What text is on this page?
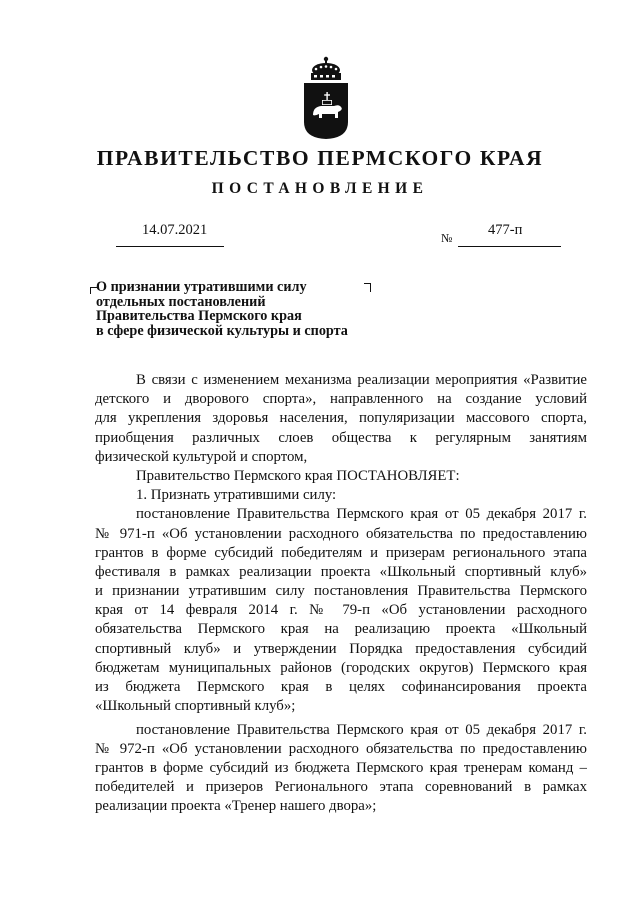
ПРАВИТЕЛЬСТВО ПЕРМСКОГО КРАЯ
ПОСТАНОВЛЕНИЕ
14.07.2021	№ 477-п
О признании утратившими силу
отдельных постановлений
Правительства Пермского края
в сфере физической культуры и спорта
В связи с изменением механизма реализации мероприятия «Развитие
детского и дворового спорта», направленного на создание условий
для укрепления здоровья населения, популяризации массового спорта,
приобщения различных слоев общества к регулярным занятиям
физической культурой и спортом,
Правительство Пермского края ПОСТАНОВЛЯЕТ:
1. Признать утратившими силу:
постановление Правительства Пермского края от 05 декабря 2017 г.
№ 971-п «Об установлении расходного обязательства по предоставлению
грантов в форме субсидий победителям и призерам регионального этапа
фестиваля в рамках реализации проекта «Школьный спортивный клуб»
и признании утратившим силу постановления Правительства Пермского
края от 14 февраля 2014 г. № 79-п «Об установлении расходного
обязательства Пермского края на реализацию проекта «Школьный
спортивный клуб» и утверждении Порядка предоставления субсидий
бюджетам муниципальных районов (городских округов) Пермского края
из бюджета Пермского края в целях софинансирования проекта
«Школьный спортивный клуб»;
постановление Правительства Пермского края от 05 декабря 2017 г.
№ 972-п «Об установлении расходного обязательства по предоставлению
грантов в форме субсидий из бюджета Пермского края тренерам команд –
победителей и призеров Регионального этапа соревнований в рамках
реализации проекта «Тренер нашего двора»;
